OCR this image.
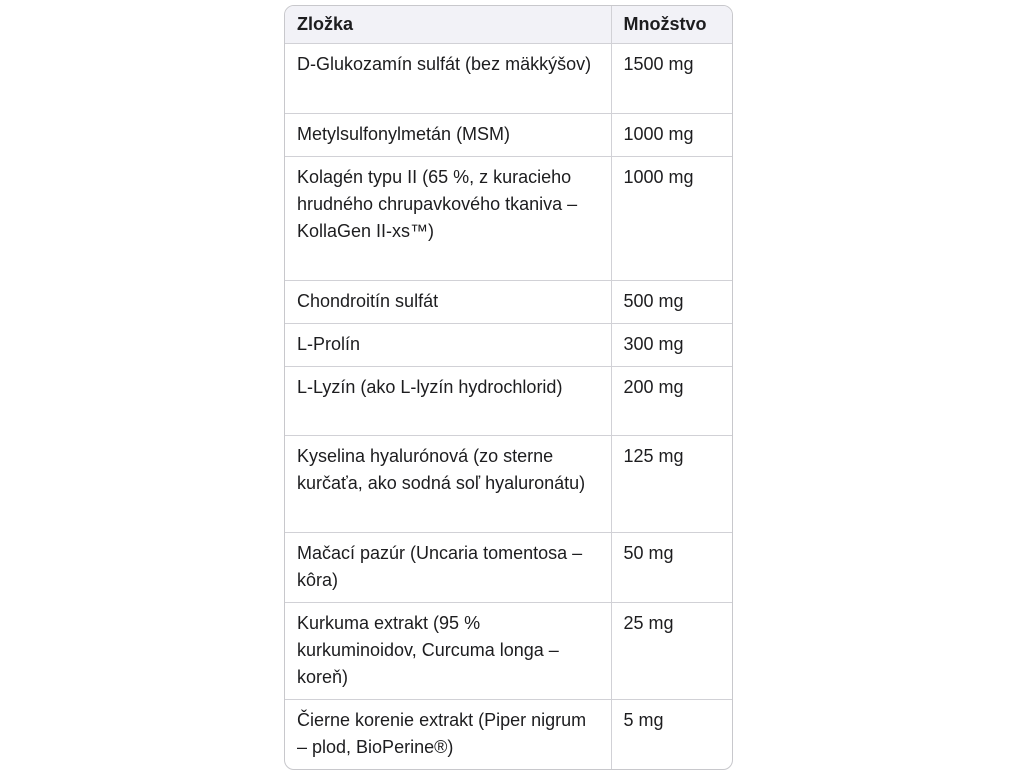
Zložka	Množstvo
D-Glukozamín sulfát (bez mäkkýšov)	1500 mg
Metylsulfonylmetán (MSM)	1000 mg
Kolagén typu II (65 %, z kuracieho hrudného chrupavkového tkaniva – KollaGen II-xs™)	1000 mg
Chondroitín sulfát	500 mg
L-Prolín	300 mg
L-Lyzín (ako L-lyzín hydrochlorid)	200 mg
Kyselina hyalurónová (zo sterne kurčaťa, ako sodná soľ hyaluronátu)	125 mg
Mačací pazúr (Uncaria tomentosa – kôra)	50 mg
Kurkuma extrakt (95 % kurkuminoidov, Curcuma longa – koreň)	25 mg
Čierne korenie extrakt (Piper nigrum – plod, BioPerine®)	5 mg
